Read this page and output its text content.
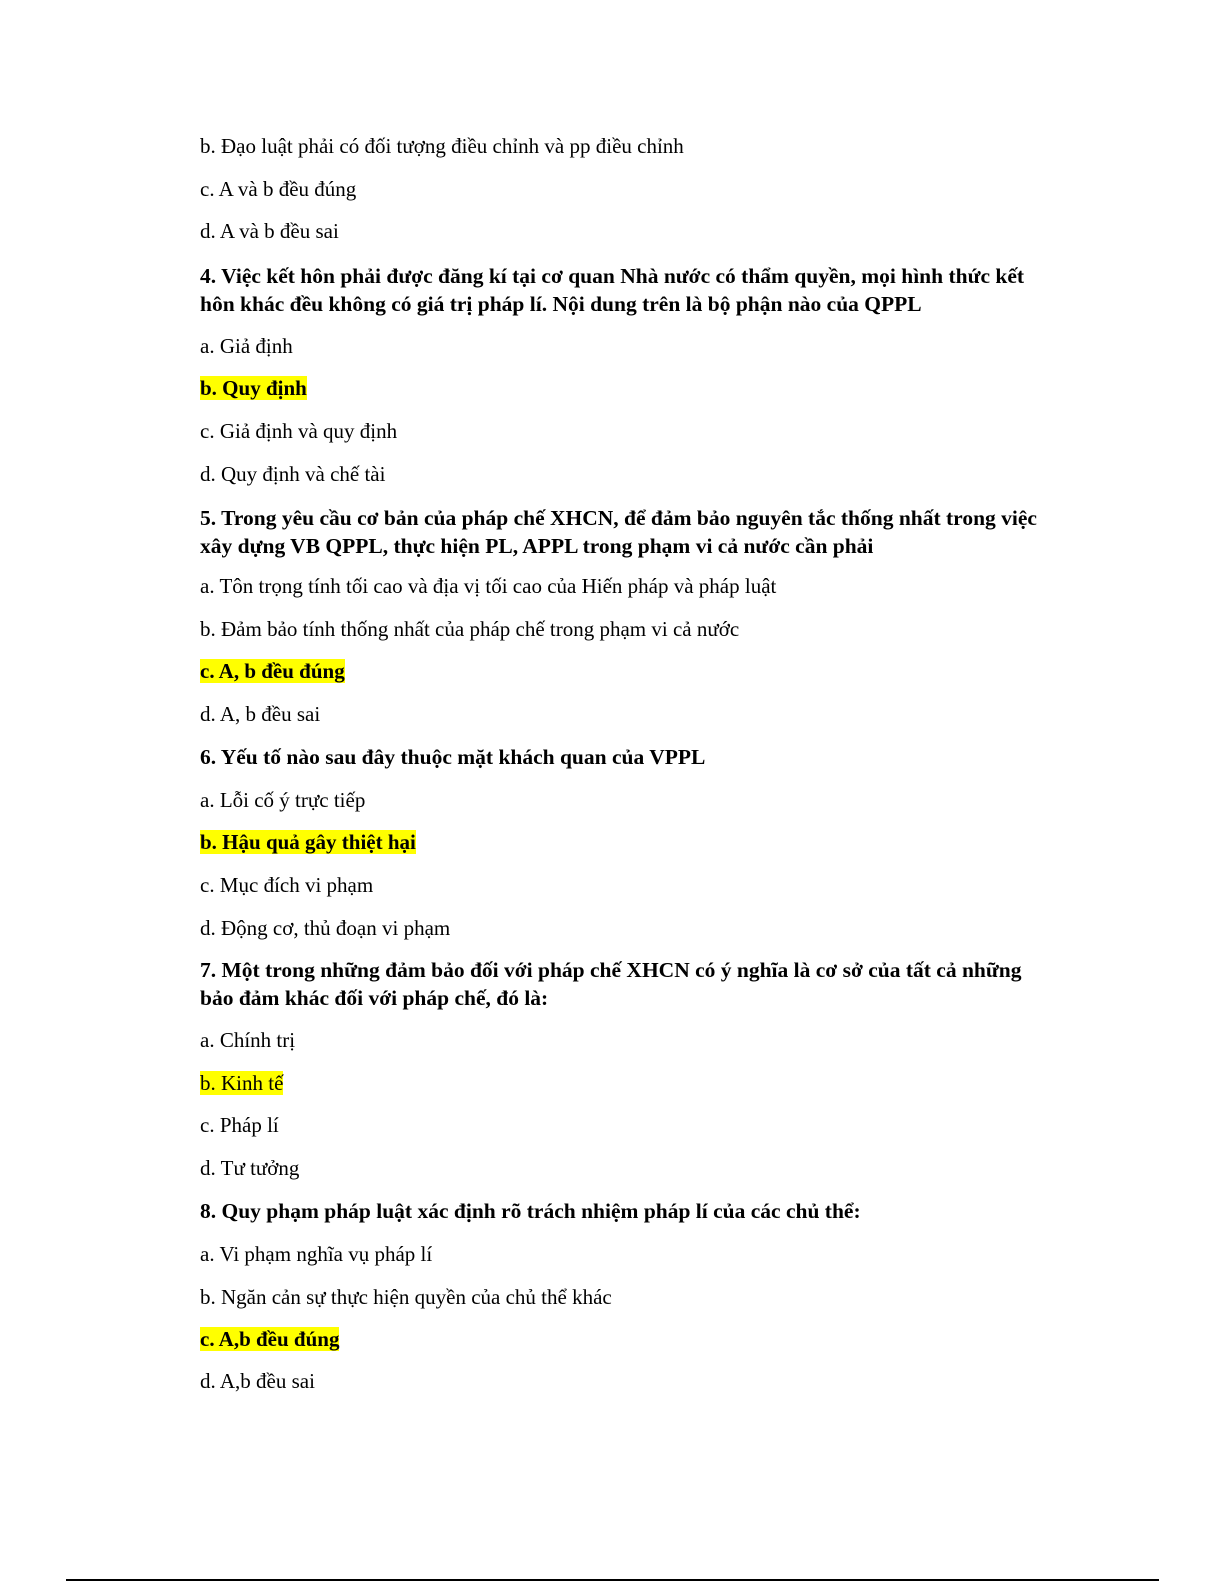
b. Đạo luật phải có đối tượng điều chỉnh và pp điều chỉnh
c. A và b đều đúng
d. A và b đều sai
4. Việc kết hôn phải được đăng kí tại cơ quan Nhà nước có thẩm quyền, mọi hình thức kết hôn khác đều không có giá trị pháp lí. Nội dung trên là bộ phận nào của QPPL
a. Giả định
b. Quy định
c. Giả định và quy định
d. Quy định và chế tài
5. Trong yêu cầu cơ bản của pháp chế XHCN, để đảm bảo nguyên tắc thống nhất trong việc xây dựng VB QPPL, thực hiện PL, APPL trong phạm vi cả nước cần phải
a. Tôn trọng tính tối cao và địa vị tối cao của Hiến pháp và pháp luật
b. Đảm bảo tính thống nhất của pháp chế trong phạm vi cả nước
c. A, b đều đúng
d. A, b đều sai
6. Yếu tố nào sau đây thuộc mặt khách quan của VPPL
a. Lỗi cố ý trực tiếp
b. Hậu quả gây thiệt hại
c. Mục đích vi phạm
d. Động cơ, thủ đoạn vi phạm
7. Một trong những đảm bảo đối với pháp chế XHCN có ý nghĩa là cơ sở của tất cả những bảo đảm khác đối với pháp chế, đó là:
a. Chính trị
b. Kinh tế
c. Pháp lí
d. Tư tưởng
8. Quy phạm pháp luật xác định rõ trách nhiệm pháp lí của các chủ thể:
a. Vi phạm nghĩa vụ pháp lí
b. Ngăn cản sự thực hiện quyền của chủ thể khác
c. A,b đều đúng
d. A,b đều sai
